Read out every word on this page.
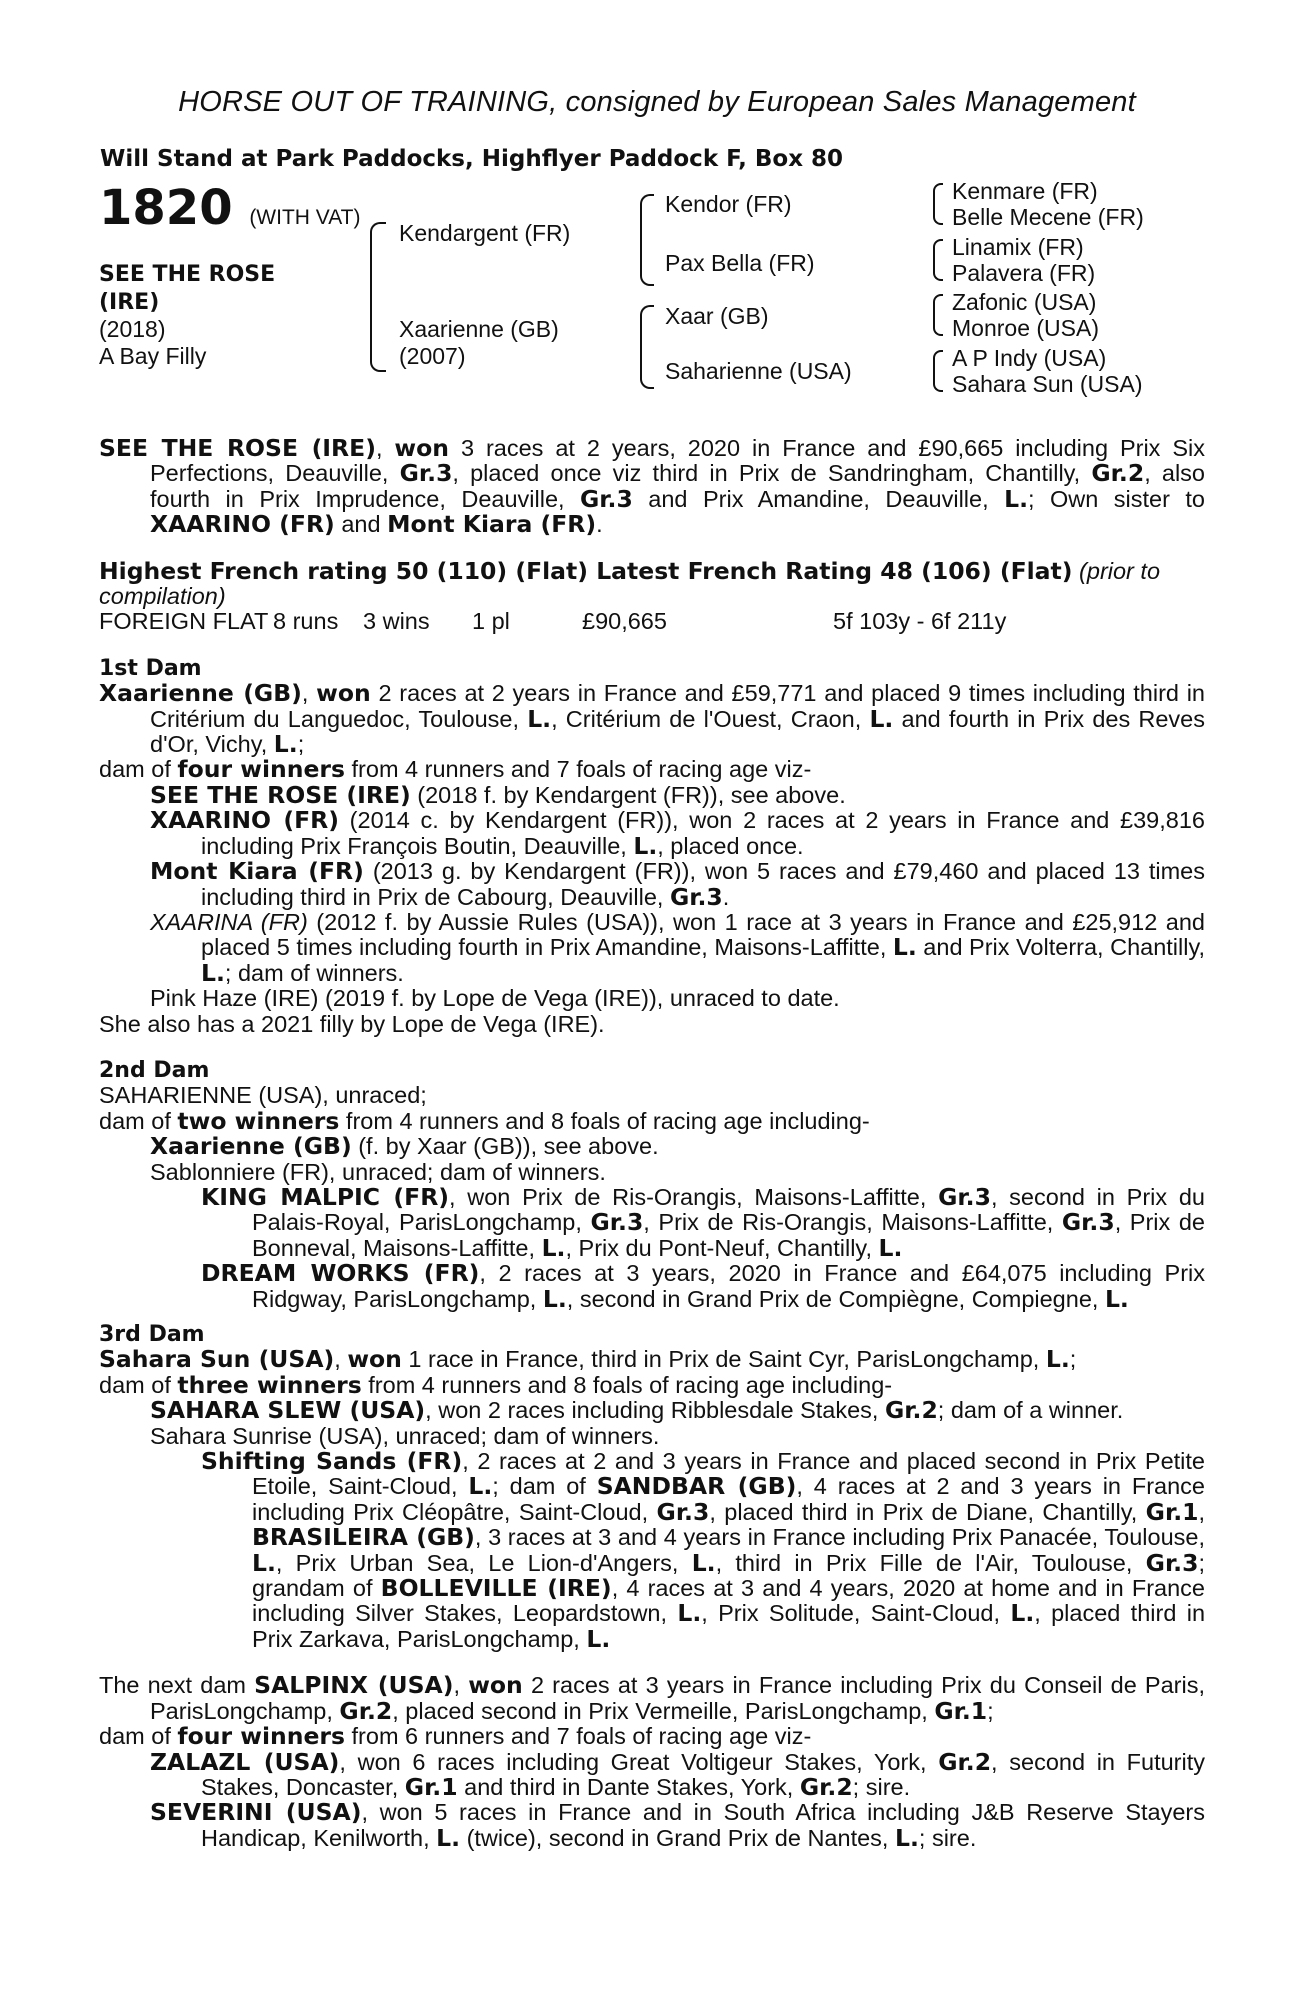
HORSE OUT OF TRAINING, consigned by European Sales Management
Will Stand at Park Paddocks, Highflyer Paddock F, Box 80
1820 (WITH VAT)
SEE THE ROSE
(IRE)
(2018)
A Bay Filly
Kendargent (FR)
Xaarienne (GB)
(2007)
Kendor (FR)
Pax Bella (FR)
Xaar (GB)
Saharienne (USA)
Kenmare (FR)
Belle Mecene (FR)
Linamix (FR)
Palavera (FR)
Zafonic (USA)
Monroe (USA)
A P Indy (USA)
Sahara Sun (USA)
SEE THE ROSE (IRE), won 3 races at 2 years, 2020 in France and £90,665 including Prix Six Perfections, Deauville, Gr.3, placed once viz third in Prix de Sandringham, Chantilly, Gr.2, also fourth in Prix Imprudence, Deauville, Gr.3 and Prix Amandine, Deauville, L.; Own sister to XAARINO (FR) and Mont Kiara (FR).
Highest French rating 50 (110) (Flat) Latest French Rating 48 (106) (Flat) (prior to compilation)
FOREIGN FLAT 8 runs	3 wins	1 pl	£90,665	5f 103y - 6f 211y
1st Dam
Xaarienne (GB), won 2 races at 2 years in France and £59,771 and placed 9 times including third in Critérium du Languedoc, Toulouse, L., Critérium de l'Ouest, Craon, L. and fourth in Prix des Reves d'Or, Vichy, L.;
dam of four winners from 4 runners and 7 foals of racing age viz-
SEE THE ROSE (IRE) (2018 f. by Kendargent (FR)), see above.
XAARINO (FR) (2014 c. by Kendargent (FR)), won 2 races at 2 years in France and £39,816 including Prix François Boutin, Deauville, L., placed once.
Mont Kiara (FR) (2013 g. by Kendargent (FR)), won 5 races and £79,460 and placed 13 times including third in Prix de Cabourg, Deauville, Gr.3.
XAARINA (FR) (2012 f. by Aussie Rules (USA)), won 1 race at 3 years in France and £25,912 and placed 5 times including fourth in Prix Amandine, Maisons-Laffitte, L. and Prix Volterra, Chantilly, L.; dam of winners.
Pink Haze (IRE) (2019 f. by Lope de Vega (IRE)), unraced to date.
She also has a 2021 filly by Lope de Vega (IRE).
2nd Dam
SAHARIENNE (USA), unraced;
dam of two winners from 4 runners and 8 foals of racing age including-
Xaarienne (GB) (f. by Xaar (GB)), see above.
Sablonniere (FR), unraced; dam of winners.
KING MALPIC (FR), won Prix de Ris-Orangis, Maisons-Laffitte, Gr.3, second in Prix du Palais-Royal, ParisLongchamp, Gr.3, Prix de Ris-Orangis, Maisons-Laffitte, Gr.3, Prix de Bonneval, Maisons-Laffitte, L., Prix du Pont-Neuf, Chantilly, L.
DREAM WORKS (FR), 2 races at 3 years, 2020 in France and £64,075 including Prix Ridgway, ParisLongchamp, L., second in Grand Prix de Compiègne, Compiegne, L.
3rd Dam
Sahara Sun (USA), won 1 race in France, third in Prix de Saint Cyr, ParisLongchamp, L.;
dam of three winners from 4 runners and 8 foals of racing age including-
SAHARA SLEW (USA), won 2 races including Ribblesdale Stakes, Gr.2; dam of a winner.
Sahara Sunrise (USA), unraced; dam of winners.
Shifting Sands (FR), 2 races at 2 and 3 years in France and placed second in Prix Petite Etoile, Saint-Cloud, L.; dam of SANDBAR (GB), 4 races at 2 and 3 years in France including Prix Cléopâtre, Saint-Cloud, Gr.3, placed third in Prix de Diane, Chantilly, Gr.1, BRASILEIRA (GB), 3 races at 3 and 4 years in France including Prix Panacée, Toulouse, L., Prix Urban Sea, Le Lion-d'Angers, L., third in Prix Fille de l'Air, Toulouse, Gr.3; grandam of BOLLEVILLE (IRE), 4 races at 3 and 4 years, 2020 at home and in France including Silver Stakes, Leopardstown, L., Prix Solitude, Saint-Cloud, L., placed third in Prix Zarkava, ParisLongchamp, L.
The next dam SALPINX (USA), won 2 races at 3 years in France including Prix du Conseil de Paris, ParisLongchamp, Gr.2, placed second in Prix Vermeille, ParisLongchamp, Gr.1;
dam of four winners from 6 runners and 7 foals of racing age viz-
ZALAZL (USA), won 6 races including Great Voltigeur Stakes, York, Gr.2, second in Futurity Stakes, Doncaster, Gr.1 and third in Dante Stakes, York, Gr.2; sire.
SEVERINI (USA), won 5 races in France and in South Africa including J&B Reserve Stayers Handicap, Kenilworth, L. (twice), second in Grand Prix de Nantes, L.; sire.
